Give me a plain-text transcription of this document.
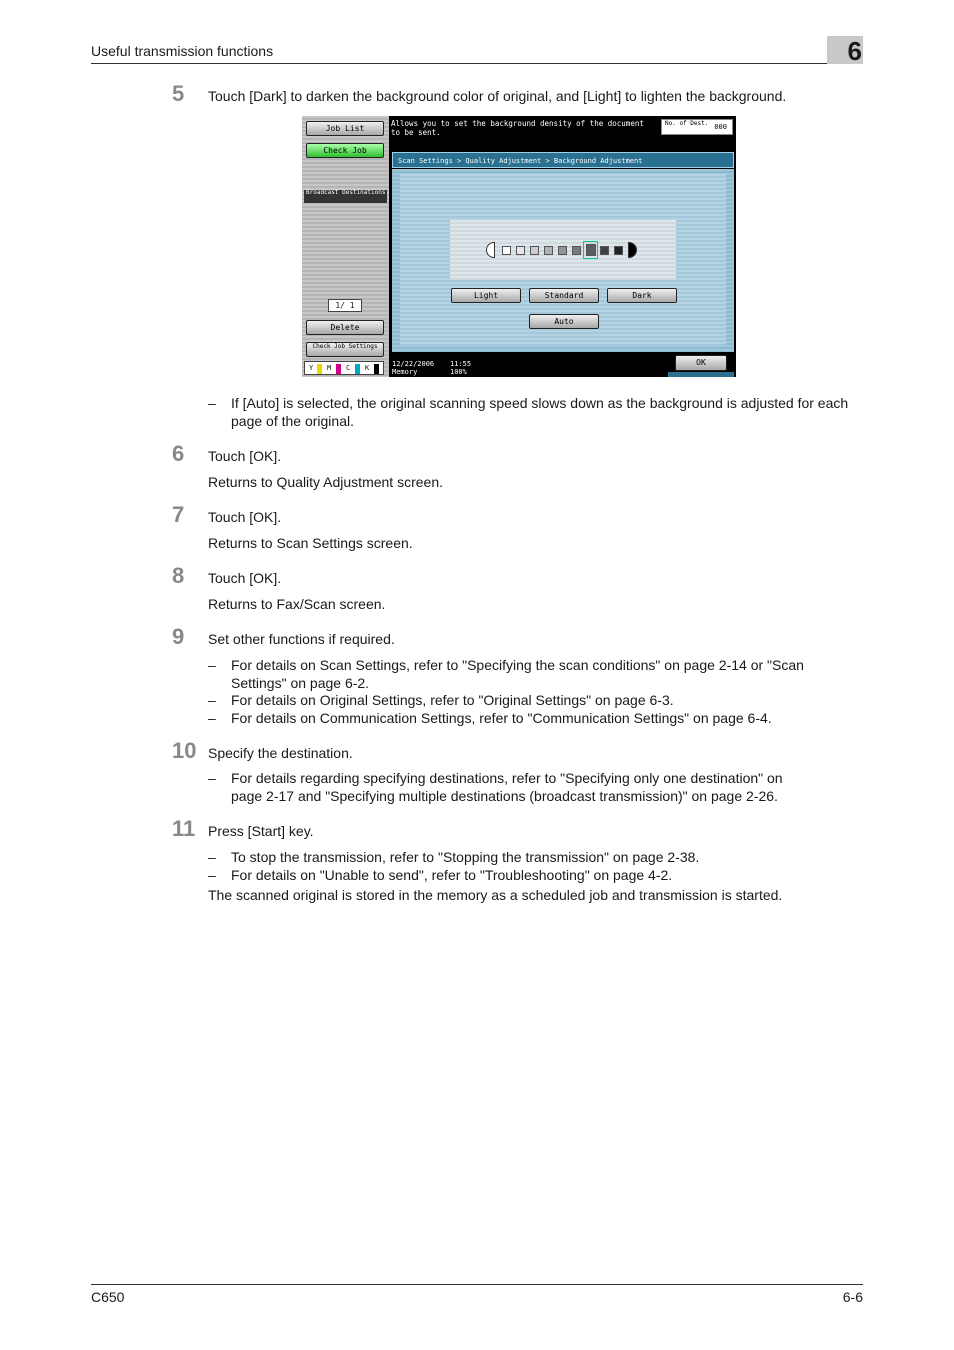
Useful transmission functions	6
5 Touch [Dark] to darken the background color of original, and [Light] to lighten the background.
Job List
Check Job
Broadcast Destinations
1/ 1
Delete
Check Job Settings
Y M C K
Allows you to set the background density of the document to be sent.
No. of Dest. 000
Scan Settings > Quality Adjustment > Background Adjustment
Light	Standard	Dark
Auto
12/22/2006 11:55
Memory	100%
OK
– If [Auto] is selected, the original scanning speed slows down as the background is adjusted for each page of the original.
6 Touch [OK].
Returns to Quality Adjustment screen.
7 Touch [OK].
Returns to Scan Settings screen.
8 Touch [OK].
Returns to Fax/Scan screen.
9 Set other functions if required.
– For details on Scan Settings, refer to "Specifying the scan conditions" on page 2-14 or "Scan Settings" on page 6-2.
– For details on Original Settings, refer to "Original Settings" on page 6-3.
– For details on Communication Settings, refer to "Communication Settings" on page 6-4.
10 Specify the destination.
– For details regarding specifying destinations, refer to "Specifying only one destination" on page 2-17 and "Specifying multiple destinations (broadcast transmission)" on page 2-26.
11 Press [Start] key.
– To stop the transmission, refer to "Stopping the transmission" on page 2-38.
– For details on "Unable to send", refer to "Troubleshooting" on page 4-2.
The scanned original is stored in the memory as a scheduled job and transmission is started.
C650	6-6
